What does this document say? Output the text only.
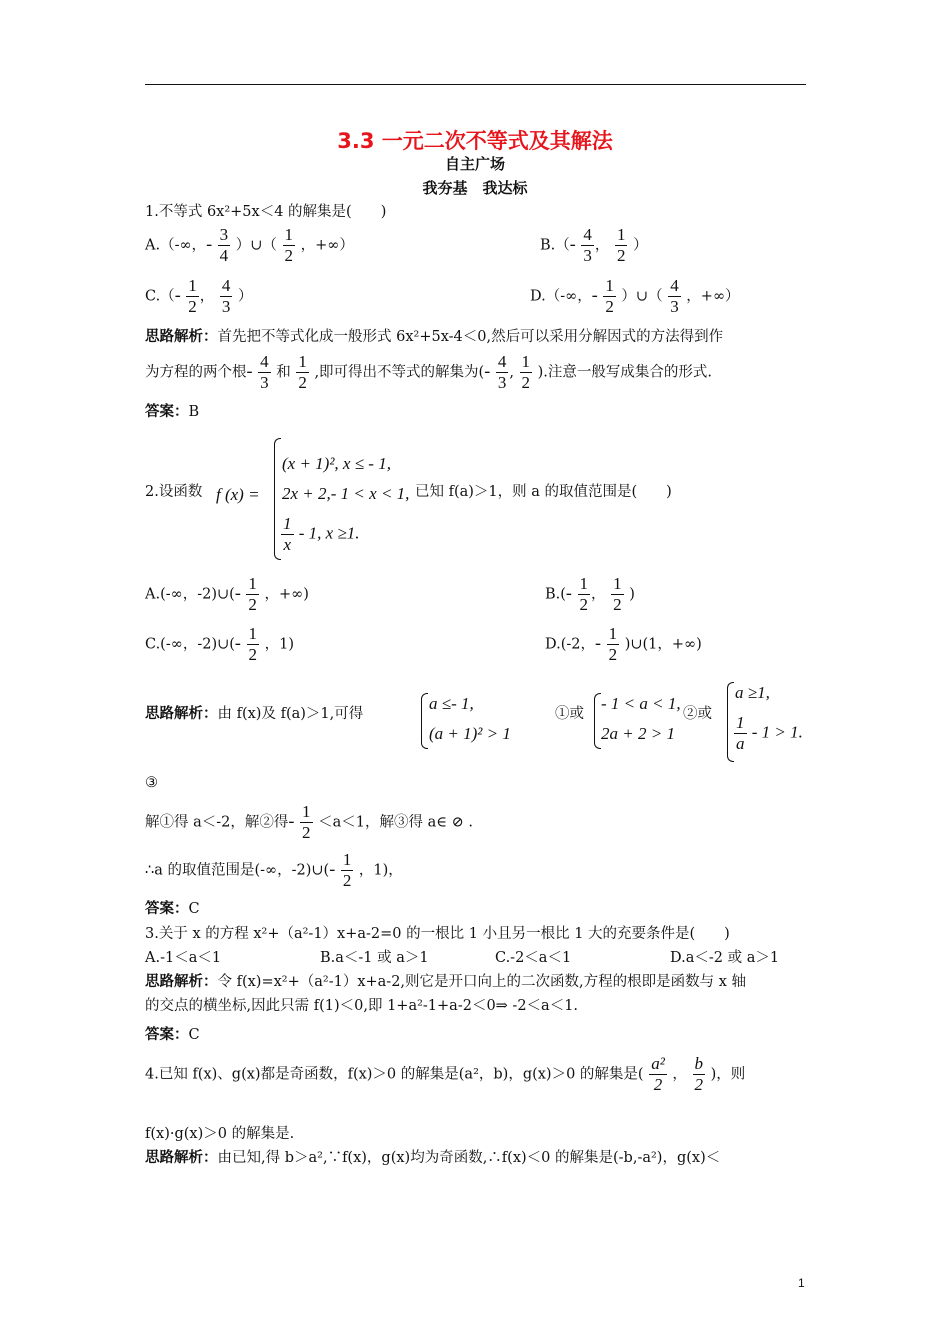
3.3 一元二次不等式及其解法
自主广场
我夯基　我达标
1.不等式 6x²+5x＜4 的解集是(　　)
A.（-∞，- $\frac{3}{4}$ ）∪（ $\frac{1}{2}$ ，+∞）	$B.(- \frac{4}{3}$ ， $\frac{1}{2}$ ）
$C.(- \frac{1}{2}$ ， $\frac{4}{3}$ ）	D.（-∞，- $\frac{1}{2}$ ）∪（ $\frac{4}{3}$ ，+∞）
思路解析：首先把不等式化成一般形式 6x²+5x-4＜0,然后可以采用分解因式的方法得到作
为方程的两个根- $\frac{4}{3}$ 和 $\frac{1}{2}$ ,即可得出不等式的解集为(- $\frac{4}{3}$ , $\frac{1}{2}$ ).注意一般写成集合的形式.
答案：B
2.设函数 f (x) =
(x + 1)², x ≤ - 1,
2x + 2,- 1 < x < 1,
$\frac{1}{x} - 1$, x ≥1.
已知 f(a)＞1，则 a 的取值范围是(　　)
A.(-∞，-2)∪(- $\frac{1}{2}$ ，+∞)	$B.(- \frac{1}{2}$ ， $\frac{1}{2}$ )
C.(-∞，-2)∪(- $\frac{1}{2}$ ，1)	D.(-2，- $\frac{1}{2}$ )∪(1，+∞)
思路解析：由 f(x)及 f(a)＞1,可得
a ≤- 1,
(a + 1)² > 1
①或
- 1 < a < 1,
2a + 2 > 1
②或
a ≥1,
$\frac{1}{a} - 1 > 1$.
③
解①得 a＜-2，解②得- $\frac{1}{2} <a<1$，解③得 a∈ ⊘ .
∴a 的取值范围是(-∞，-2)∪(- $\frac{1}{2}$ ，1)，
答案：C
3.关于 x 的方程 x²+（a²-1）x+a-2=0 的一根比 1 小且另一根比 1 大的充要条件是(　　)
A.-1＜a＜1	B.a＜-1 或 a＞1	C.-2＜a＜1	D.a＜-2 或 a＞1
思路解析：令 f(x)=x²+（a²-1）x+a-2,则它是开口向上的二次函数,方程的根即是函数与 x 轴
的交点的横坐标,因此只需 f(1)＜0,即 1+a²-1+a-2＜0⇒ -2＜a＜1.
答案：C
4.已知 f(x)、g(x)都是奇函数，f(x)＞0 的解集是(a²，b)，g(x)＞0 的解集是( $\frac{\text{a²}}{2}$ ， $\frac{b}{2}$ )，则
f(x)·g(x)＞0 的解集是.
思路解析：由已知,得 b＞a²,∵f(x)，g(x)均为奇函数,∴f(x)＜0 的解集是(-b,-a²)，g(x)＜
1
